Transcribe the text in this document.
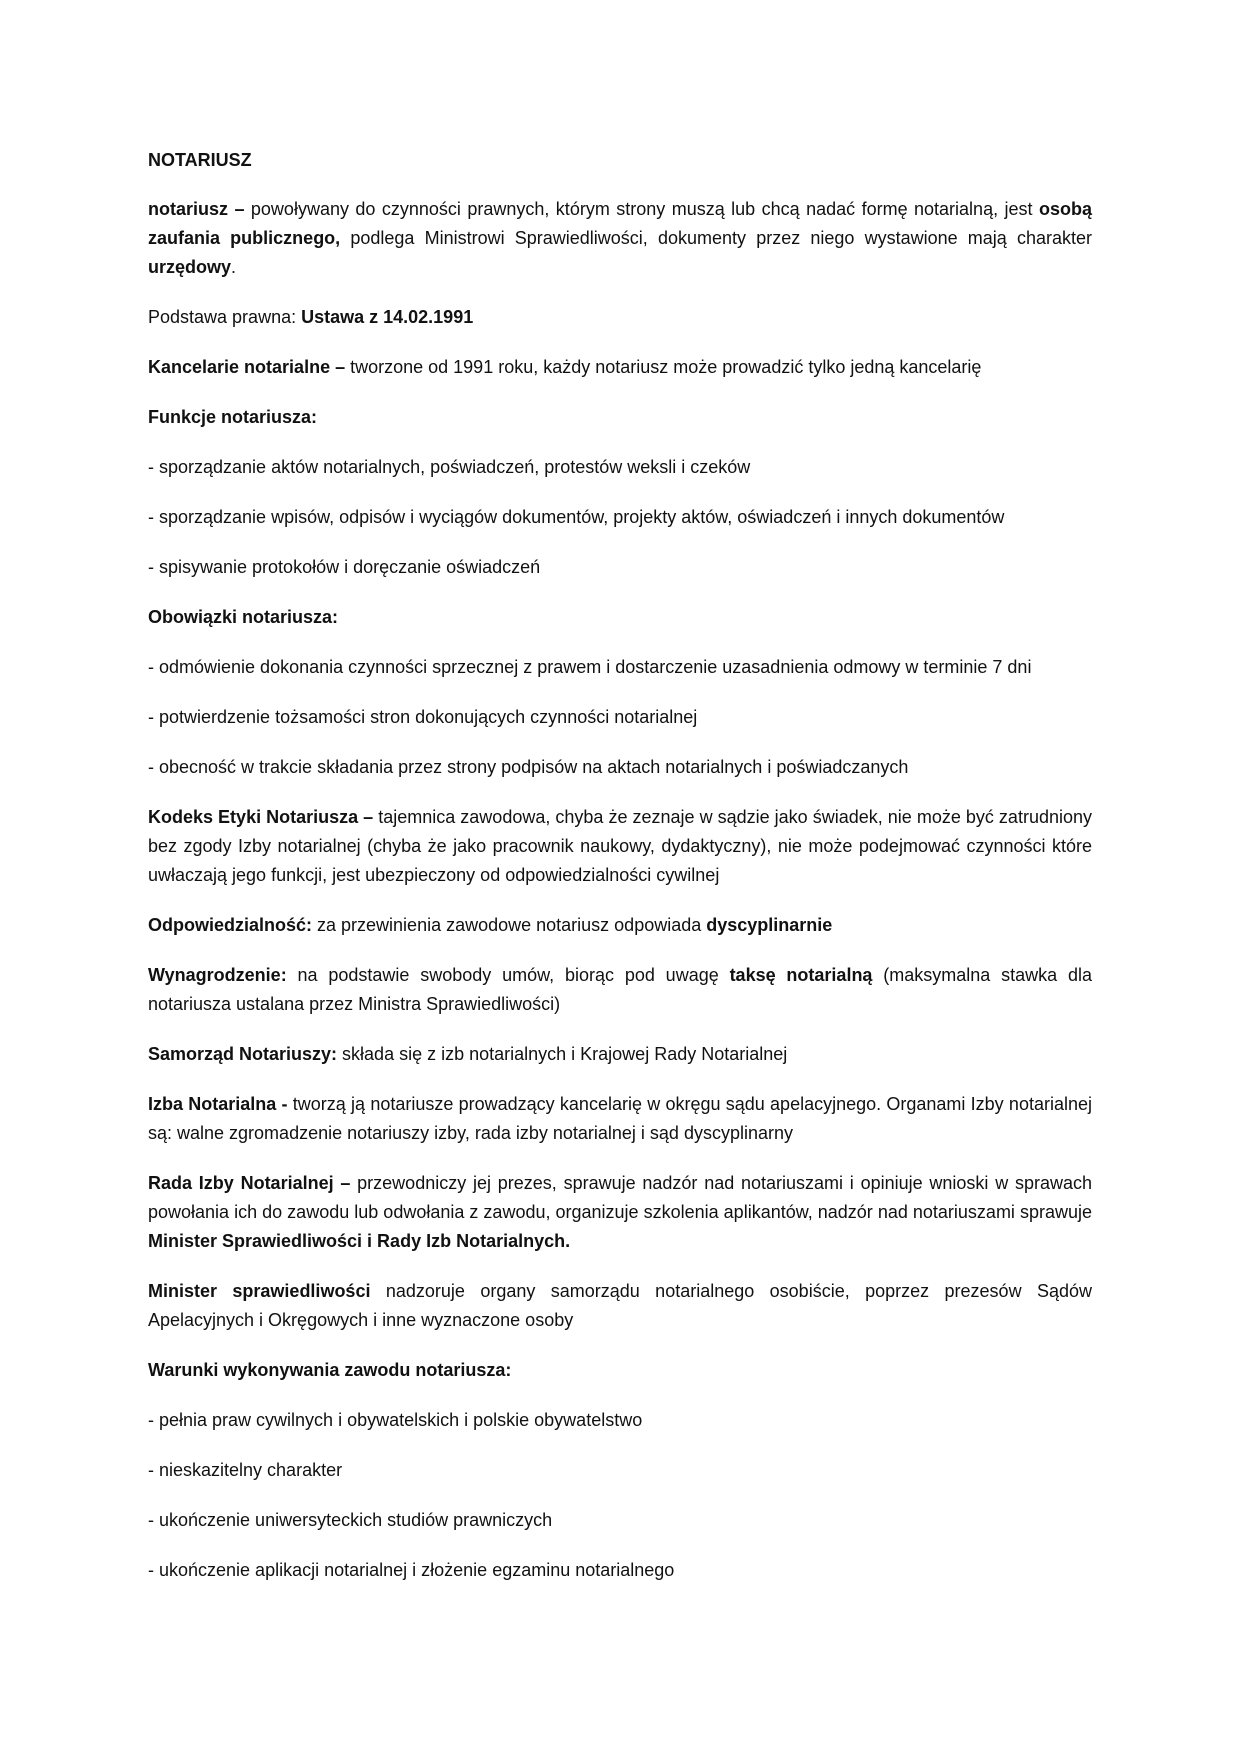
NOTARIUSZ

notariusz – powoływany do czynności prawnych, którym strony muszą lub chcą nadać formę notarialną, jest osobą zaufania publicznego, podlega Ministrowi Sprawiedliwości, dokumenty przez niego wystawione mają charakter urzędowy.

Podstawa prawna: Ustawa z 14.02.1991

Kancelarie notarialne – tworzone od 1991 roku, każdy notariusz może prowadzić tylko jedną kancelarię

Funkcje notariusza:

- sporządzanie aktów notarialnych, poświadczeń, protestów weksli i czeków

- sporządzanie wpisów, odpisów i wyciągów dokumentów, projekty aktów, oświadczeń i innych dokumentów

- spisywanie protokołów i doręczanie oświadczeń

Obowiązki notariusza:

- odmówienie dokonania czynności sprzecznej z prawem i dostarczenie uzasadnienia odmowy w terminie 7 dni

- potwierdzenie tożsamości stron dokonujących czynności notarialnej

- obecność w trakcie składania przez strony podpisów na aktach notarialnych i poświadczanych

Kodeks Etyki Notariusza – tajemnica zawodowa, chyba że zeznaje w sądzie jako świadek, nie może być zatrudniony bez zgody Izby notarialnej (chyba że jako pracownik naukowy, dydaktyczny), nie może podejmować czynności które uwłaczają jego funkcji, jest ubezpieczony od odpowiedzialności cywilnej

Odpowiedzialność: za przewinienia zawodowe notariusz odpowiada dyscyplinarnie

Wynagrodzenie: na podstawie swobody umów, biorąc pod uwagę taksę notarialną (maksymalna stawka dla notariusza ustalana przez Ministra Sprawiedliwości)

Samorząd Notariuszy: składa się z izb notarialnych i Krajowej Rady Notarialnej

Izba Notarialna - tworzą ją notariusze prowadzący kancelarię w okręgu sądu apelacyjnego. Organami Izby notarialnej są: walne zgromadzenie notariuszy izby, rada izby notarialnej i sąd dyscyplinarny

Rada Izby Notarialnej – przewodniczy jej prezes, sprawuje nadzór nad notariuszami i opiniuje wnioski w sprawach powołania ich do zawodu lub odwołania z zawodu, organizuje szkolenia aplikantów, nadzór nad notariuszami sprawuje Minister Sprawiedliwości i Rady Izb Notarialnych.

Minister sprawiedliwości nadzoruje organy samorządu notarialnego osobiście, poprzez prezesów Sądów Apelacyjnych i Okręgowych i inne wyznaczone osoby

Warunki wykonywania zawodu notariusza:

- pełnia praw cywilnych i obywatelskich i polskie obywatelstwo

- nieskazitelny charakter

- ukończenie uniwersyteckich studiów prawniczych

- ukończenie aplikacji notarialnej i złożenie egzaminu notarialnego
